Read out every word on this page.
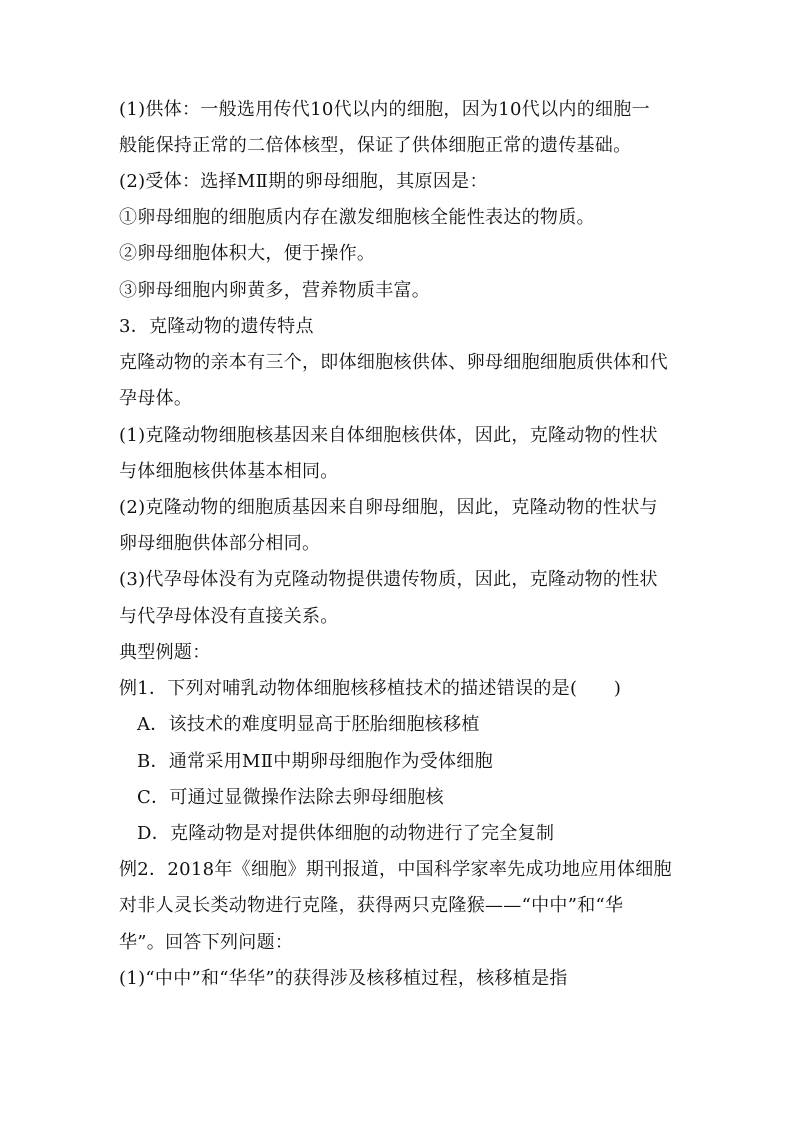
(1)供体：一般选用传代10代以内的细胞，因为10代以内的细胞一
般能保持正常的二倍体核型，保证了供体细胞正常的遗传基础。
(2)受体：选择MⅡ期的卵母细胞，其原因是：
①卵母细胞的细胞质内存在激发细胞核全能性表达的物质。
②卵母细胞体积大，便于操作。
③卵母细胞内卵黄多，营养物质丰富。
3．克隆动物的遗传特点
克隆动物的亲本有三个，即体细胞核供体、卵母细胞细胞质供体和代
孕母体。
(1)克隆动物细胞核基因来自体细胞核供体，因此，克隆动物的性状
与体细胞核供体基本相同。
(2)克隆动物的细胞质基因来自卵母细胞，因此，克隆动物的性状与
卵母细胞供体部分相同。
(3)代孕母体没有为克隆动物提供遗传物质，因此，克隆动物的性状
与代孕母体没有直接关系。
典型例题：
例1．下列对哺乳动物体细胞核移植技术的描述错误的是(　　)
A．该技术的难度明显高于胚胎细胞核移植
B．通常采用MⅡ中期卵母细胞作为受体细胞
C．可通过显微操作法除去卵母细胞核
D．克隆动物是对提供体细胞的动物进行了完全复制
例2．2018年《细胞》期刊报道，中国科学家率先成功地应用体细胞
对非人灵长类动物进行克隆，获得两只克隆猴——“中中”和“华
华”。回答下列问题：
(1)“中中”和“华华”的获得涉及核移植过程，核移植是指
